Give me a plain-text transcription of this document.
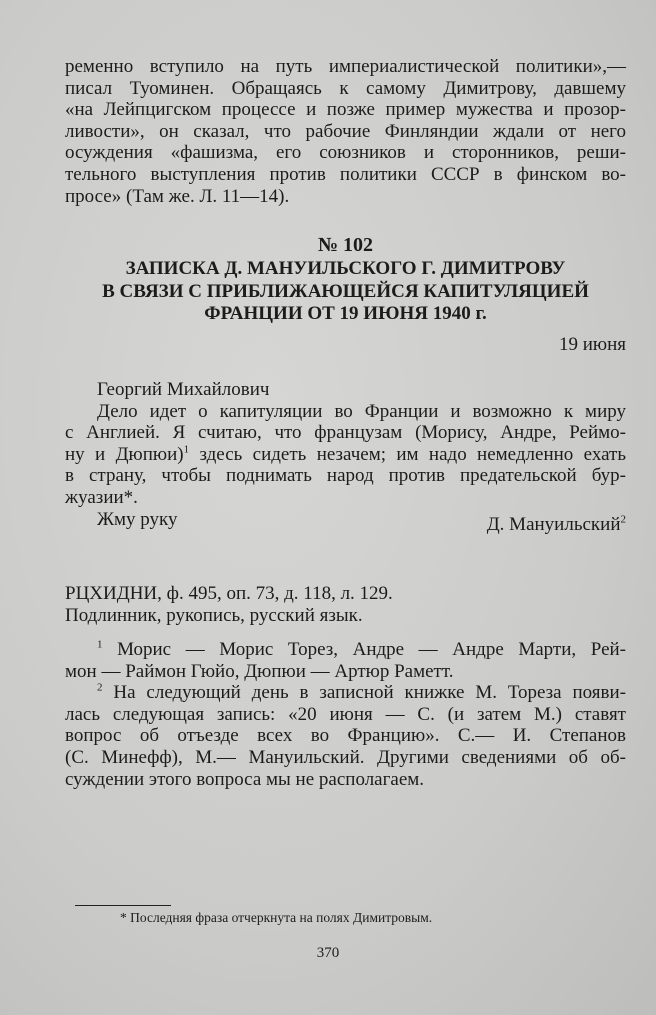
ременно вступило на путь империалистической политики»,—
писал Туоминен. Обращаясь к самому Димитрову, давшему
«на Лейпцигском процессе и позже пример мужества и прозор-
ливости», он сказал, что рабочие Финляндии ждали от него
осуждения «фашизма, его союзников и сторонников, реши-
тельного выступления против политики СССР в финском во-
просе» (Там же. Л. 11—14).
№ 102
ЗАПИСКА Д. МАНУИЛЬСКОГО Г. ДИМИТРОВУ
В СВЯЗИ С ПРИБЛИЖАЮЩЕЙСЯ КАПИТУЛЯЦИЕЙ
ФРАНЦИИ ОТ 19 ИЮНЯ 1940 г.
19 июня
Георгий Михайлович
Дело идет о капитуляции во Франции и возможно к миру
с Англией. Я считаю, что французам (Морису, Андре, Реймо-
ну и Дюпюи)$^1$ здесь сидеть незачем; им надо немедленно ехать
в страну, чтобы поднимать народ против предательской бур-
жуазии*.
Жму руку	Д. Мануильский$^2$
РЦХИДНИ, ф. 495, оп. 73, д. 118, л. 129.
Подлинник, рукопись, русский язык.
$^1$ Морис — Морис Торез, Андре — Андре Марти, Рей-
мон — Раймон Гюйо, Дюпюи — Артюр Раметт.
$^2$ На следующий день в записной книжке М. Тореза появи-
лась следующая запись: «20 июня — С. (и затем М.) ставят
вопрос об отъезде всех во Францию». С.— И. Степанов
(С. Минефф), М.— Мануильский. Другими сведениями об об-
суждении этого вопроса мы не располагаем.
* Последняя фраза отчеркнута на полях Димитровым.
370
